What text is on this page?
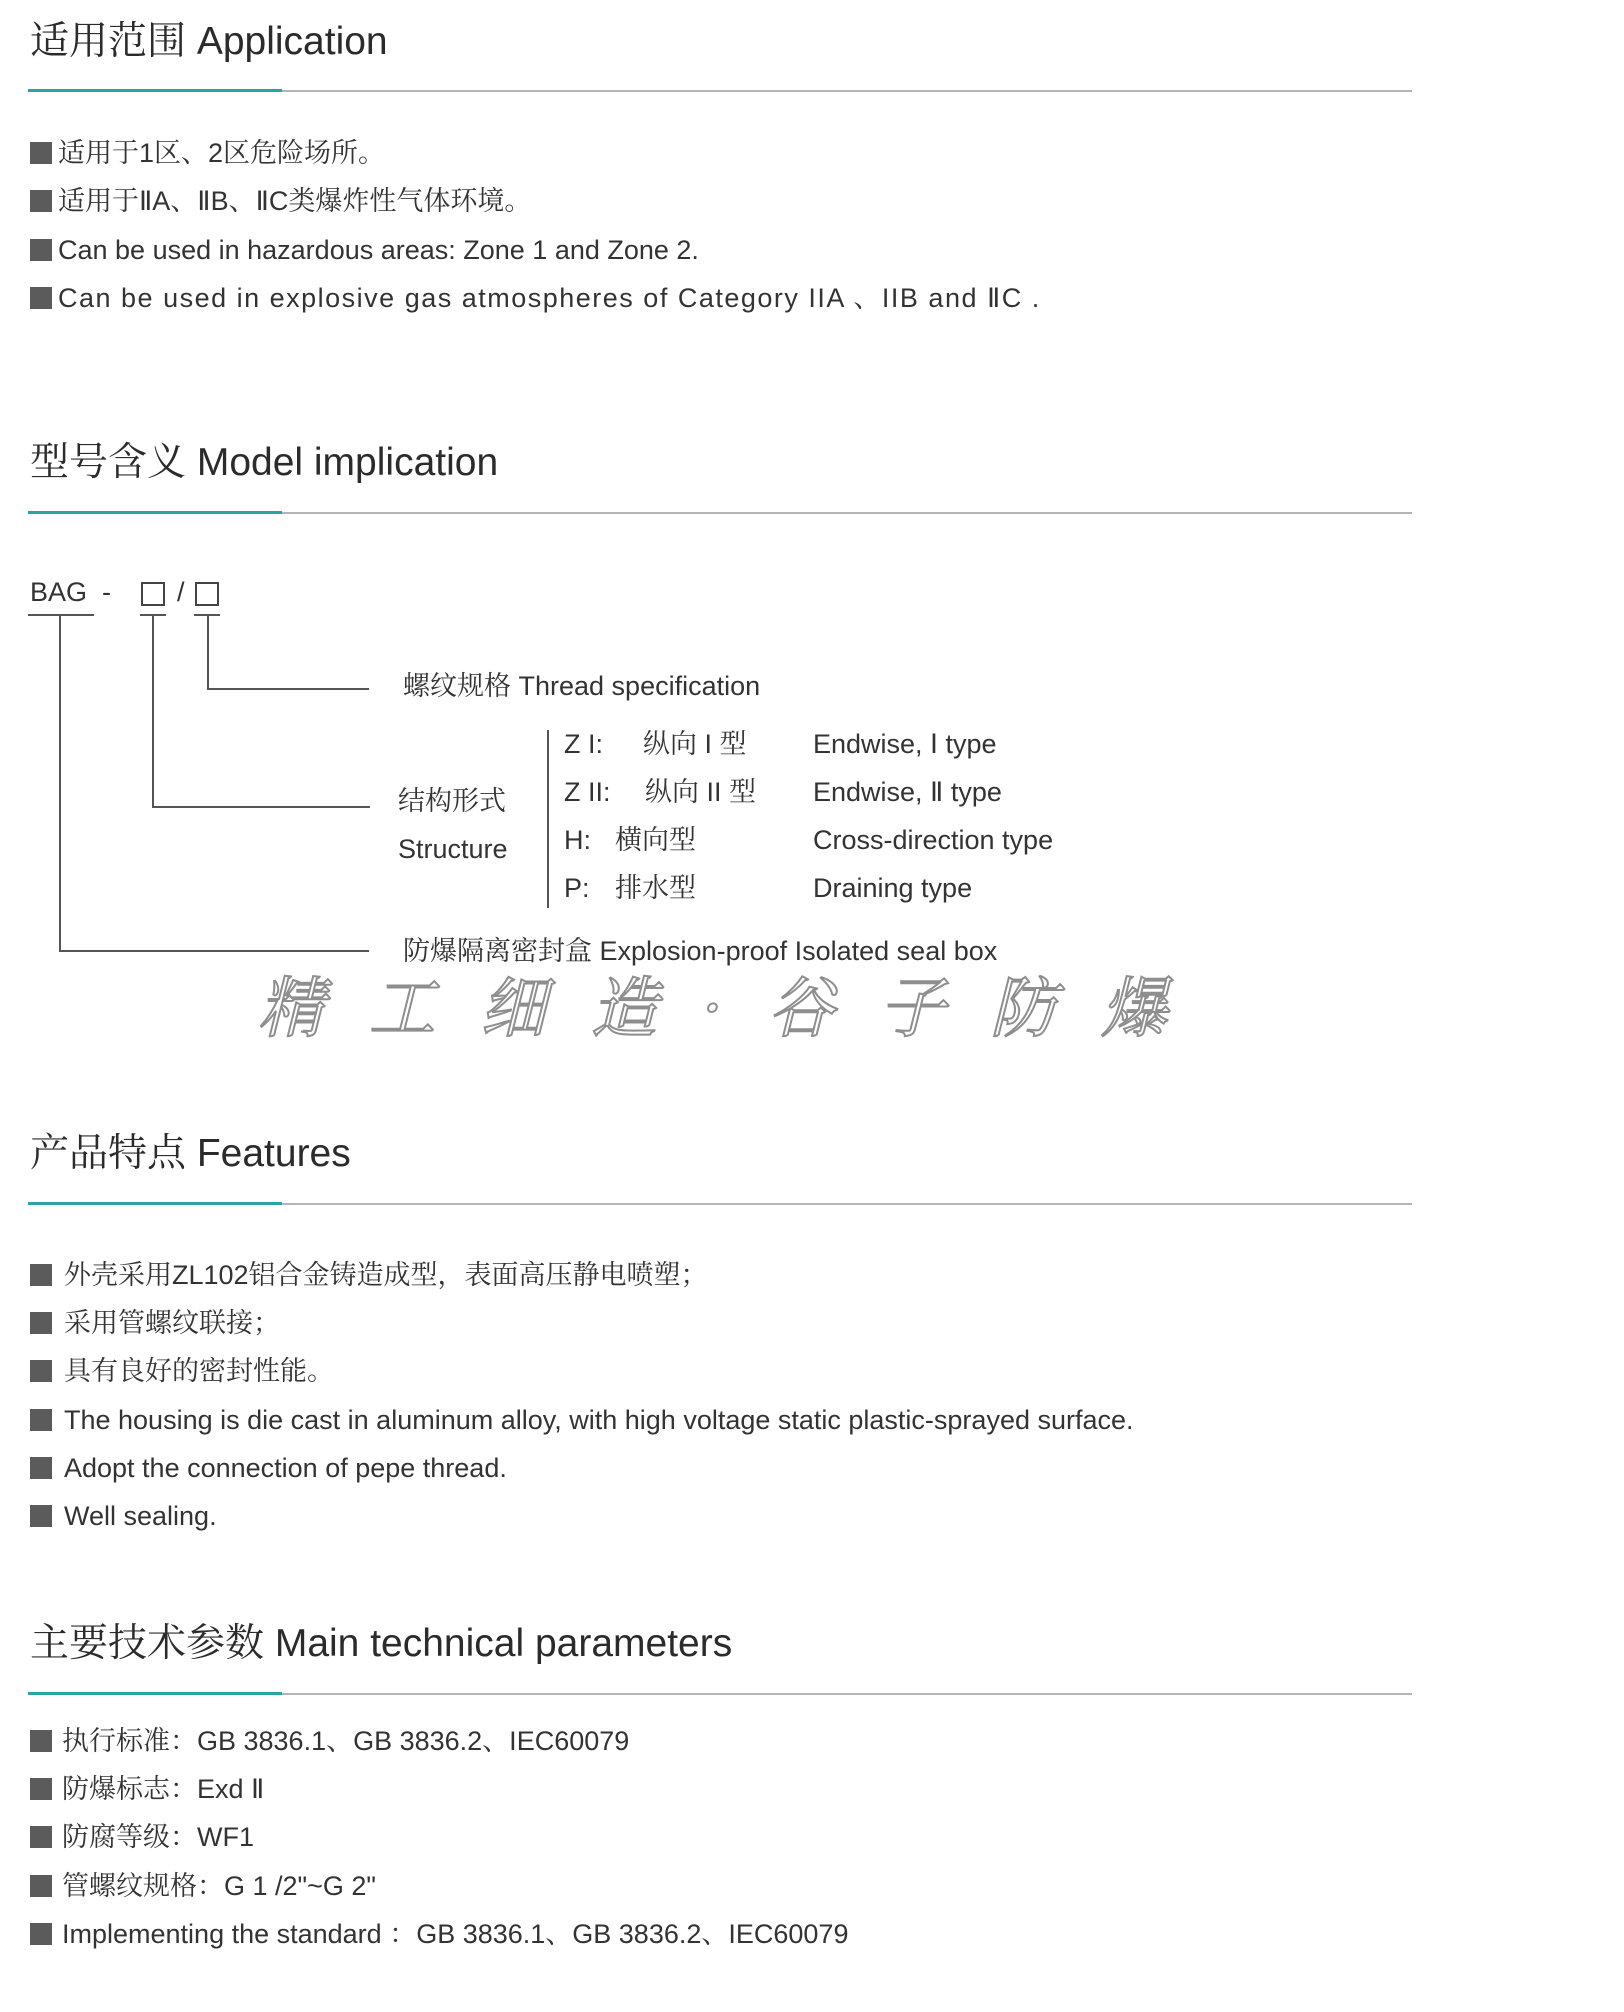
适用范围 Application
适用于1区、2区危险场所。
适用于ⅡA、ⅡB、ⅡC类爆炸性气体环境。
Can be used in hazardous areas: Zone 1 and Zone 2.
Can be used in explosive gas atmospheres of Category IIA 、IIB and ⅡC .
型号含义 Model implication
BAG - /
螺纹规格 Thread specification
结构形式
Structure
Z I: 纵向 I 型 Endwise, Ⅰ type
Z II: 纵向 II 型 Endwise, Ⅱ type
H: 横向型	Cross-direction type
P: 排水型	Draining type
防爆隔离密封盒 Explosion-proof Isolated seal box
精工细造·谷子防爆
产品特点 Features
外壳采用ZL102铝合金铸造成型，表面高压静电喷塑；
采用管螺纹联接；
具有良好的密封性能。
The housing is die cast in aluminum alloy, with high voltage static plastic-sprayed surface.
Adopt the connection of pepe thread.
Well sealing.
主要技术参数 Main technical parameters
执行标准：GB 3836.1、GB 3836.2、IEC60079
防爆标志：Exd Ⅱ
防腐等级：WF1
管螺纹规格：G 1 /2"~G 2"
Implementing the standard ：GB 3836.1、GB 3836.2、IEC60079
